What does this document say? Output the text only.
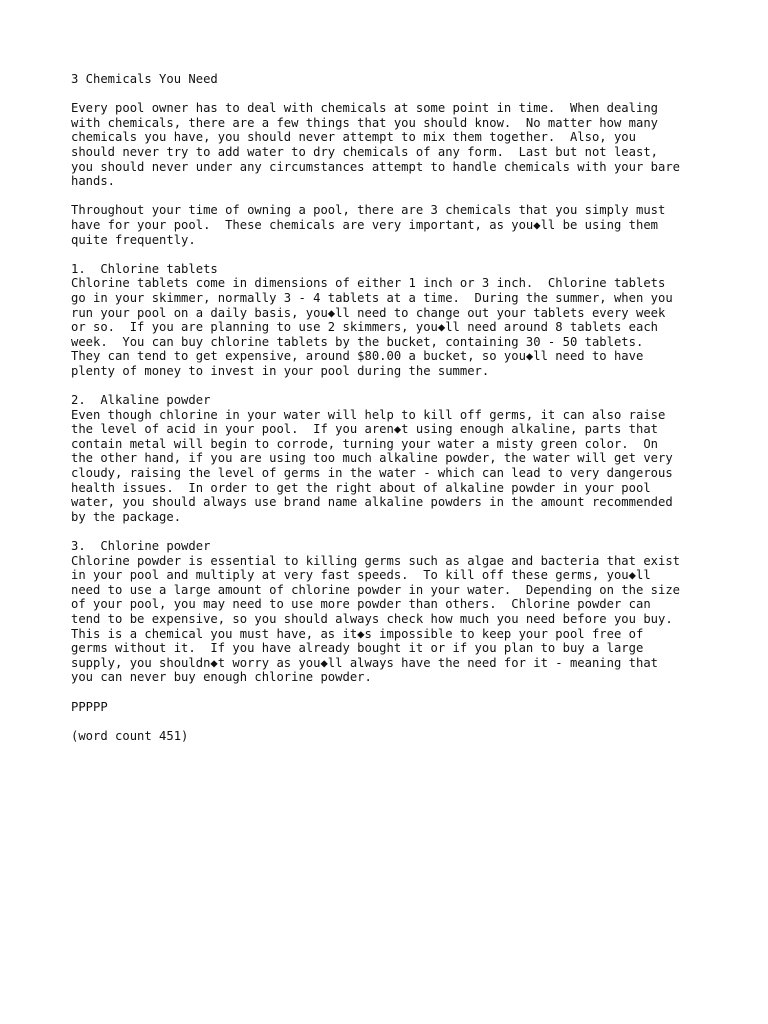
3 Chemicals You Need
Every pool owner has to deal with chemicals at some point in time.  When dealing
with chemicals, there are a few things that you should know.  No matter how many
chemicals you have, you should never attempt to mix them together.  Also, you
should never try to add water to dry chemicals of any form.  Last but not least,
you should never under any circumstances attempt to handle chemicals with your bare
hands.
Throughout your time of owning a pool, there are 3 chemicals that you simply must
have for your pool.  These chemicals are very important, as you◆ll be using them
quite frequently.
1.  Chlorine tablets
Chlorine tablets come in dimensions of either 1 inch or 3 inch.  Chlorine tablets
go in your skimmer, normally 3 - 4 tablets at a time.  During the summer, when you
run your pool on a daily basis, you◆ll need to change out your tablets every week
or so.  If you are planning to use 2 skimmers, you◆ll need around 8 tablets each
week.  You can buy chlorine tablets by the bucket, containing 30 - 50 tablets.
They can tend to get expensive, around $80.00 a bucket, so you◆ll need to have
plenty of money to invest in your pool during the summer.
2.  Alkaline powder
Even though chlorine in your water will help to kill off germs, it can also raise
the level of acid in your pool.  If you aren◆t using enough alkaline, parts that
contain metal will begin to corrode, turning your water a misty green color.  On
the other hand, if you are using too much alkaline powder, the water will get very
cloudy, raising the level of germs in the water - which can lead to very dangerous
health issues.  In order to get the right about of alkaline powder in your pool
water, you should always use brand name alkaline powders in the amount recommended
by the package.
3.  Chlorine powder
Chlorine powder is essential to killing germs such as algae and bacteria that exist
in your pool and multiply at very fast speeds.  To kill off these germs, you◆ll
need to use a large amount of chlorine powder in your water.  Depending on the size
of your pool, you may need to use more powder than others.  Chlorine powder can
tend to be expensive, so you should always check how much you need before you buy.
This is a chemical you must have, as it◆s impossible to keep your pool free of
germs without it.  If you have already bought it or if you plan to buy a large
supply, you shouldn◆t worry as you◆ll always have the need for it - meaning that
you can never buy enough chlorine powder.
PPPPP
(word count 451)
